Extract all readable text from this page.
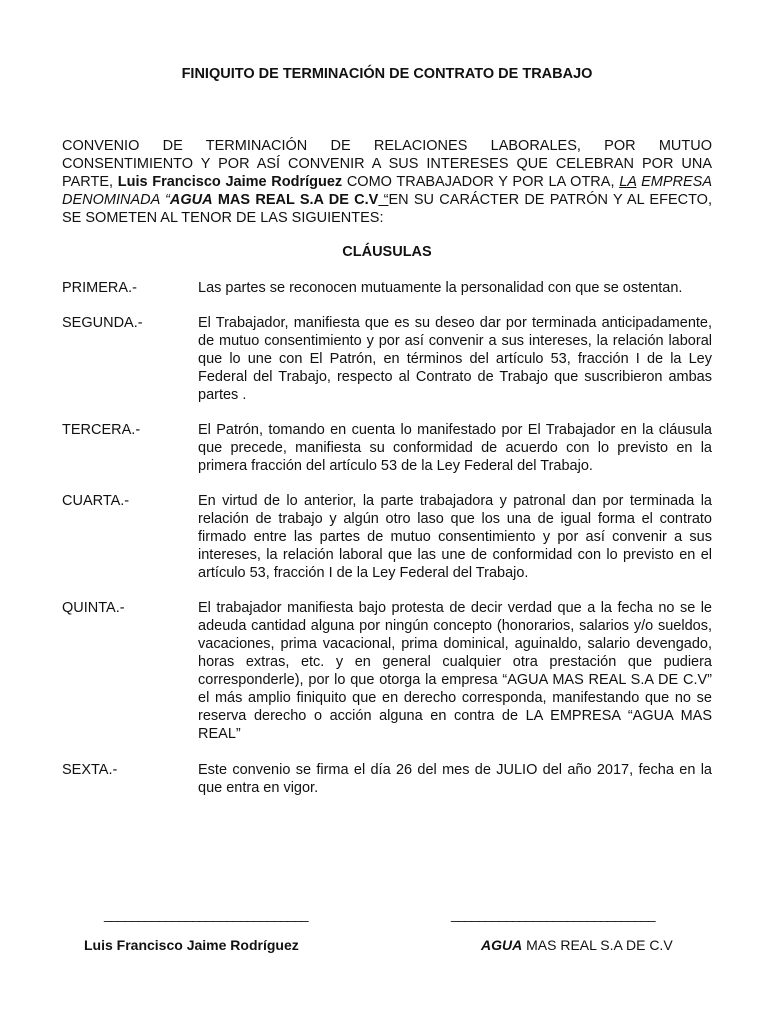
FINIQUITO DE TERMINACIÓN DE CONTRATO DE TRABAJO
CONVENIO DE TERMINACIÓN DE RELACIONES LABORALES, POR MUTUO CONSENTIMIENTO Y POR ASÍ CONVENIR A SUS INTERESES QUE CELEBRAN POR UNA PARTE, Luis Francisco Jaime Rodríguez COMO TRABAJADOR Y POR LA OTRA, LA EMPRESA DENOMINADA “AGUA MAS REAL S.A DE C.V “EN SU CARÁCTER DE PATRÓN Y AL EFECTO, SE SOMETEN AL TENOR DE LAS SIGUIENTES:
CLÁUSULAS
PRIMERA.-	Las partes se reconocen mutuamente la personalidad con que se ostentan.
SEGUNDA.-	El Trabajador, manifiesta que es su deseo dar por terminada anticipadamente, de mutuo consentimiento y por así convenir a sus intereses, la relación laboral que lo une con El Patrón, en términos del artículo 53, fracción I de la Ley Federal del Trabajo, respecto al Contrato de Trabajo que suscribieron ambas partes .
TERCERA.-	El Patrón, tomando en cuenta lo manifestado por El Trabajador en la cláusula que precede, manifiesta su conformidad de acuerdo con lo previsto en la primera fracción del artículo 53 de la Ley Federal del Trabajo.
CUARTA.-	En virtud de lo anterior, la parte trabajadora y patronal dan por terminada la relación de trabajo y algún otro laso que los una de igual forma el contrato firmado entre las partes de mutuo consentimiento y por así convenir a sus intereses, la relación laboral que las une de conformidad con lo previsto en el artículo 53, fracción I de la Ley Federal del Trabajo.
QUINTA.-	El trabajador manifiesta bajo protesta de decir verdad que a la fecha no se le adeuda cantidad alguna por ningún concepto (honorarios, salarios y/o sueldos, vacaciones, prima vacacional, prima dominical, aguinaldo, salario devengado, horas extras, etc. y en general cualquier otra prestación que pudiera corresponderle), por lo que otorga la empresa “AGUA MAS REAL S.A DE C.V” el más amplio finiquito que en derecho corresponda, manifestando que no se reserva derecho o acción alguna en contra de LA EMPRESA “AGUA MAS REAL”
SEXTA.-	Este convenio se firma el día 26 del mes de JULIO del año 2017, fecha en la que entra en vigor.
______________________________	______________________________
Luis Francisco Jaime Rodríguez	AGUA MAS REAL S.A DE C.V
